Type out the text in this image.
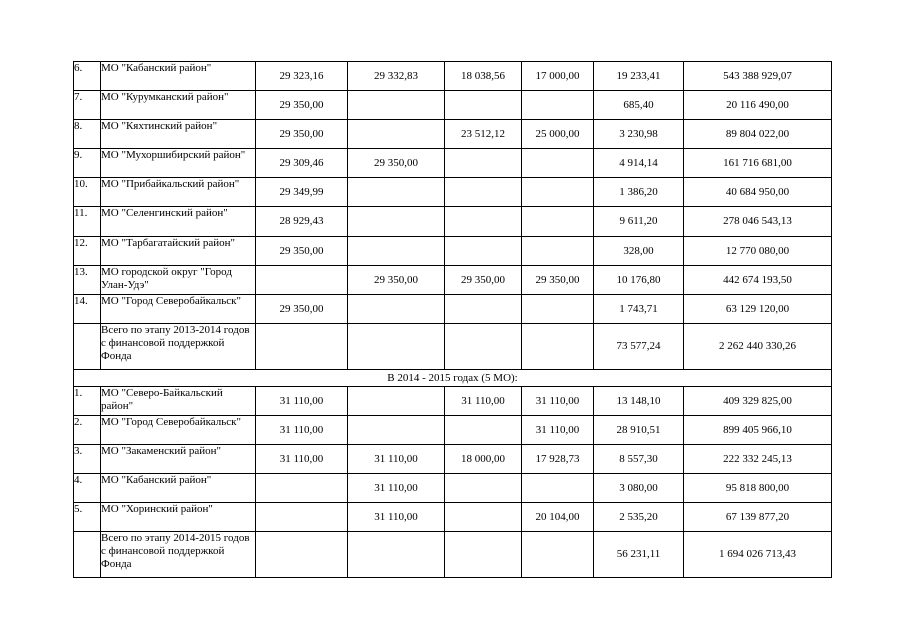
6.	МО "Кабанский район"	29 323,16	29 332,83	18 038,56	17 000,00	19 233,41	543 388 929,07
7.	МО "Курумканский район"	29 350,00				685,40	20 116 490,00
8.	МО "Кяхтинский район"	29 350,00		23 512,12	25 000,00	3 230,98	89 804 022,00
9.	МО "Мухоршибирский район"	29 309,46	29 350,00			4 914,14	161 716 681,00
10.	МО "Прибайкальский район"	29 349,99				1 386,20	40 684 950,00
11.	МО "Селенгинский район"	28 929,43				9 611,20	278 046 543,13
12.	МО "Тарбагатайский район"	29 350,00				328,00	12 770 080,00
13.	МО городской округ "Город Улан-Удэ"		29 350,00	29 350,00	29 350,00	10 176,80	442 674 193,50
14.	МО "Город Северобайкальск"	29 350,00				1 743,71	63 129 120,00
	Всего по этапу 2013-2014 годов с финансовой поддержкой Фонда					73 577,24	2 262 440 330,26
В 2014 - 2015 годах (5 МО):							
1.	МО "Северо-Байкальский район"	31 110,00		31 110,00	31 110,00	13 148,10	409 329 825,00
2.	МО "Город Северобайкальск"	31 110,00			31 110,00	28 910,51	899 405 966,10
3.	МО "Закаменский район"	31 110,00	31 110,00	18 000,00	17 928,73	8 557,30	222 332 245,13
4.	МО "Кабанский район"		31 110,00			3 080,00	95 818 800,00
5.	МО "Хоринский район"		31 110,00		20 104,00	2 535,20	67 139 877,20
	Всего по этапу 2014-2015 годов с финансовой поддержкой Фонда					56 231,11	1 694 026 713,43
